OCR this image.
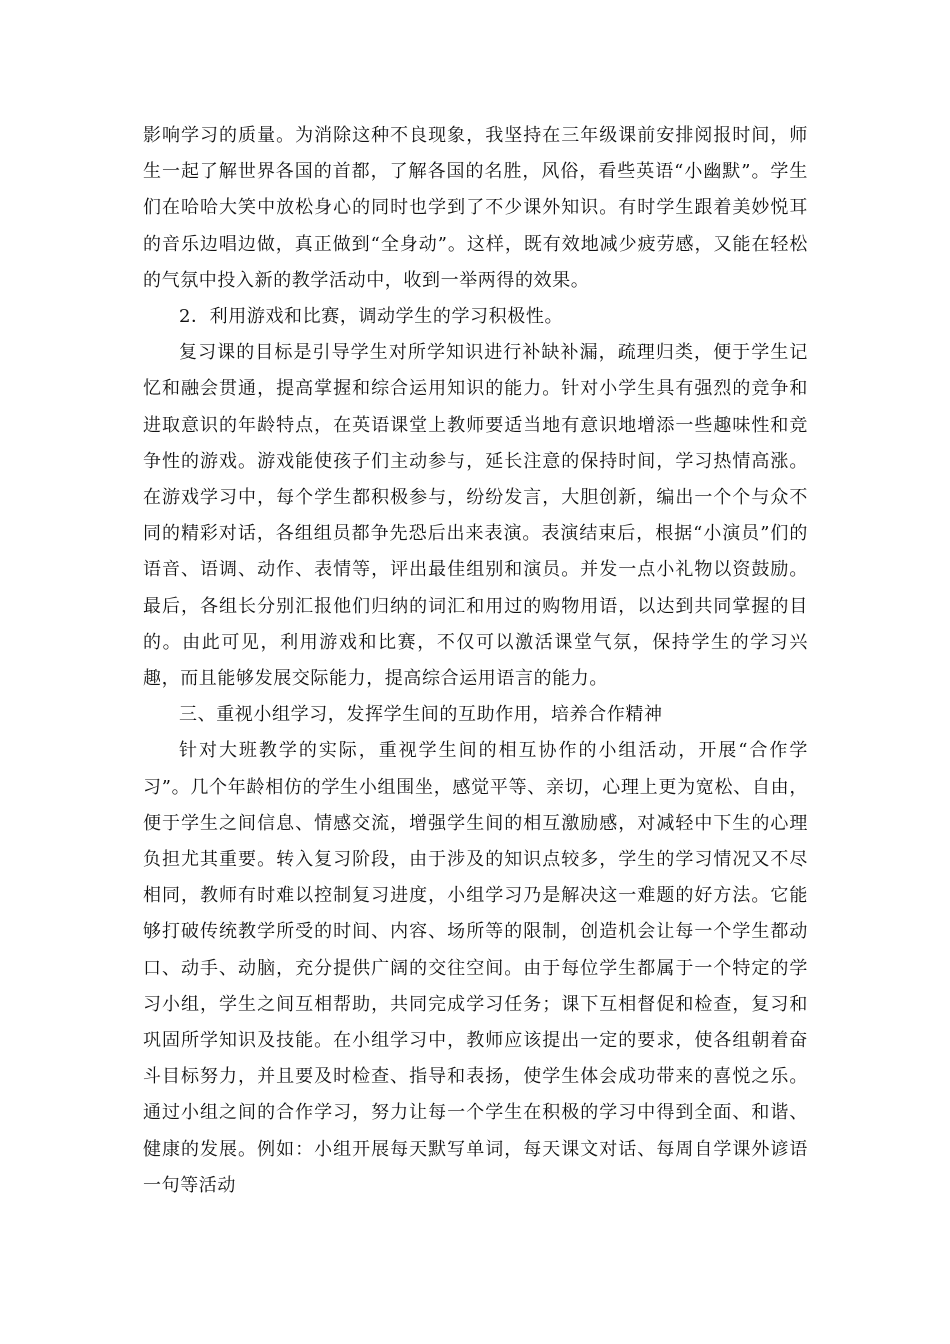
影响学习的质量。为消除这种不良现象，我坚持在三年级课前安排阅报时间，师生一起了解世界各国的首都，了解各国的名胜，风俗，看些英语“小幽默”。学生们在哈哈大笑中放松身心的同时也学到了不少课外知识。有时学生跟着美妙悦耳的音乐边唱边做，真正做到“全身动”。这样，既有效地减少疲劳感，又能在轻松的气氛中投入新的教学活动中，收到一举两得的效果。

2．利用游戏和比赛，调动学生的学习积极性。

复习课的目标是引导学生对所学知识进行补缺补漏，疏理归类，便于学生记忆和融会贯通，提高掌握和综合运用知识的能力。针对小学生具有强烈的竞争和进取意识的年龄特点，在英语课堂上教师要适当地有意识地增添一些趣味性和竞争性的游戏。游戏能使孩子们主动参与，延长注意的保持时间，学习热情高涨。在游戏学习中，每个学生都积极参与，纷纷发言，大胆创新，编出一个个与众不同的精彩对话，各组组员都争先恐后出来表演。表演结束后，根据“小演员”们的语音、语调、动作、表情等，评出最佳组别和演员。并发一点小礼物以资鼓励。最后，各组长分别汇报他们归纳的词汇和用过的购物用语，以达到共同掌握的目的。由此可见，利用游戏和比赛，不仅可以激活课堂气氛，保持学生的学习兴趣，而且能够发展交际能力，提高综合运用语言的能力。

三、重视小组学习，发挥学生间的互助作用，培养合作精神

针对大班教学的实际，重视学生间的相互协作的小组活动，开展“合作学习”。几个年龄相仿的学生小组围坐，感觉平等、亲切，心理上更为宽松、自由，便于学生之间信息、情感交流，增强学生间的相互激励感，对减轻中下生的心理负担尤其重要。转入复习阶段，由于涉及的知识点较多，学生的学习情况又不尽相同，教师有时难以控制复习进度，小组学习乃是解决这一难题的好方法。它能够打破传统教学所受的时间、内容、场所等的限制，创造机会让每一个学生都动口、动手、动脑，充分提供广阔的交往空间。由于每位学生都属于一个特定的学习小组，学生之间互相帮助，共同完成学习任务；课下互相督促和检查，复习和巩固所学知识及技能。在小组学习中，教师应该提出一定的要求，使各组朝着奋斗目标努力，并且要及时检查、指导和表扬，使学生体会成功带来的喜悦之乐。通过小组之间的合作学习，努力让每一个学生在积极的学习中得到全面、和谐、健康的发展。例如：小组开展每天默写单词，每天课文对话、每周自学课外谚语一句等活动
